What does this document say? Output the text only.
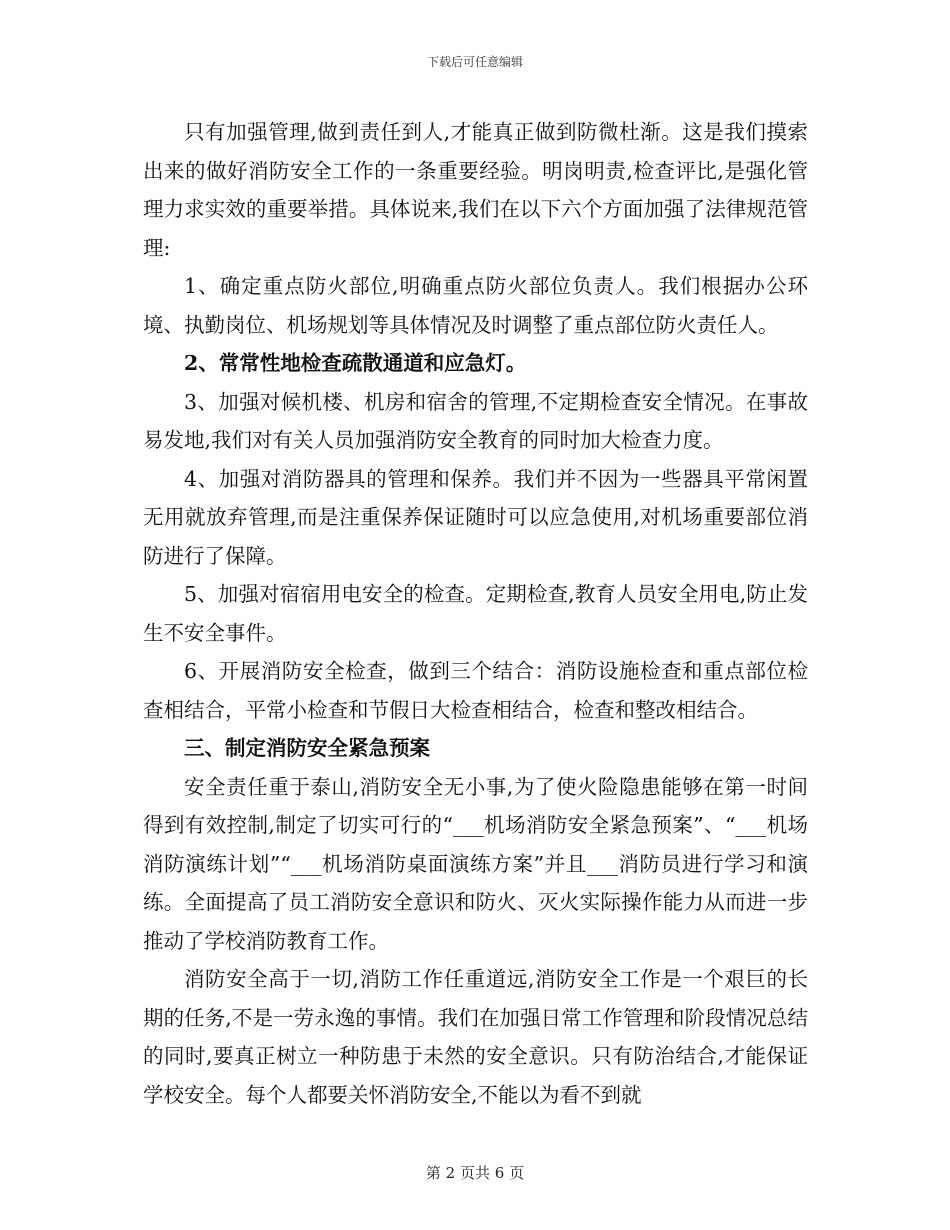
下载后可任意编辑

只有加强管理,做到责任到人,才能真正做到防微杜渐。这是我们摸索出来的做好消防安全工作的一条重要经验。明岗明责,检查评比,是强化管理力求实效的重要举措。具体说来,我们在以下六个方面加强了法律规范管理:

1、确定重点防火部位,明确重点防火部位负责人。我们根据办公环境、执勤岗位、机场规划等具体情况及时调整了重点部位防火责任人。

2、常常性地检查疏散通道和应急灯。

3、加强对候机楼、机房和宿舍的管理,不定期检查安全情况。在事故易发地,我们对有关人员加强消防安全教育的同时加大检查力度。

4、加强对消防器具的管理和保养。我们并不因为一些器具平常闲置无用就放弃管理,而是注重保养保证随时可以应急使用,对机场重要部位消防进行了保障。

5、加强对宿宿用电安全的检查。定期检查,教育人员安全用电,防止发生不安全事件。

6、开展消防安全检查，做到三个结合：消防设施检查和重点部位检查相结合，平常小检查和节假日大检查相结合，检查和整改相结合。

三、制定消防安全紧急预案

安全责任重于泰山,消防安全无小事,为了使火险隐患能够在第一时间得到有效控制,制定了切实可行的“___机场消防安全紧急预案”、“___机场消防演练计划”“___机场消防桌面演练方案”并且___消防员进行学习和演练。全面提高了员工消防安全意识和防火、灭火实际操作能力从而进一步推动了学校消防教育工作。

消防安全高于一切,消防工作任重道远,消防安全工作是一个艰巨的长期的任务,不是一劳永逸的事情。我们在加强日常工作管理和阶段情况总结的同时,要真正树立一种防患于未然的安全意识。只有防治结合,才能保证学校安全。每个人都要关怀消防安全,不能以为看不到就

第 2 页共 6 页
